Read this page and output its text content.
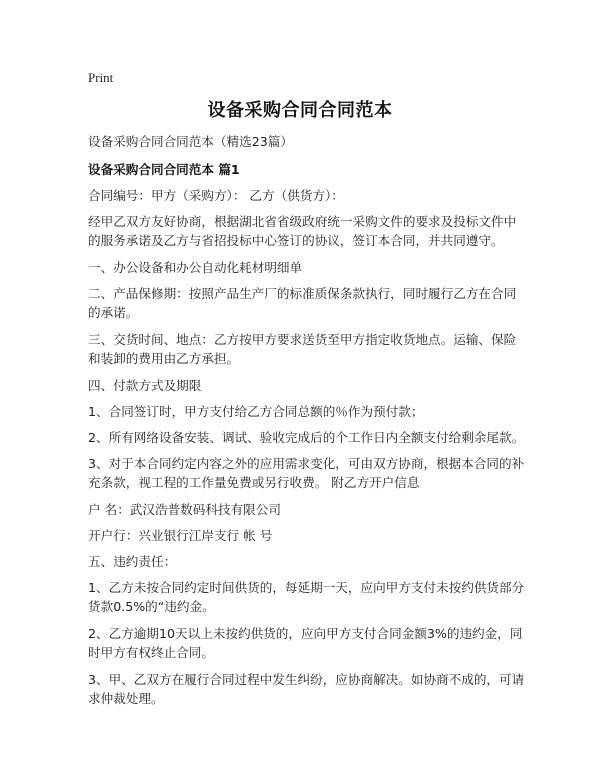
Print
设备采购合同合同范本
设备采购合同合同范本（精选23篇）
设备采购合同合同范本 篇1
合同编号：甲方（采购方）： 乙方（供货方）：
经甲乙双方友好协商，根据湖北省省级政府统一采购文件的要求及投标文件中的服务承诺及乙方与省招投标中心签订的协议，签订本合同，并共同遵守。
一、办公设备和办公自动化耗材明细单
二、产品保修期：按照产品生产厂的标准质保条款执行，同时履行乙方在合同的承诺。
三、交货时间、地点：乙方按甲方要求送货至甲方指定收货地点。运输、保险和装卸的费用由乙方承担。
四、付款方式及期限
1、合同签订时，甲方支付给乙方合同总额的％作为预付款；
2、所有网络设备安装、调试、验收完成后的个工作日内全额支付给剩余尾款。
3、对于本合同约定内容之外的应用需求变化，可由双方协商，根据本合同的补充条款，视工程的工作量免费或另行收费。 附乙方开户信息
户 名：武汉浩普数码科技有限公司
开户行：兴业银行江岸支行 帐 号
五、违约责任：
1、乙方未按合同约定时间供货的，每延期一天，应向甲方支付未按约供货部分货款0.5%的“违约金。
2、乙方逾期10天以上未按约供货的，应向甲方支付合同金额3%的违约金，同时甲方有权终止合同。
3、甲、乙双方在履行合同过程中发生纠纷，应协商解决。如协商不成的，可请求仲裁处理。
